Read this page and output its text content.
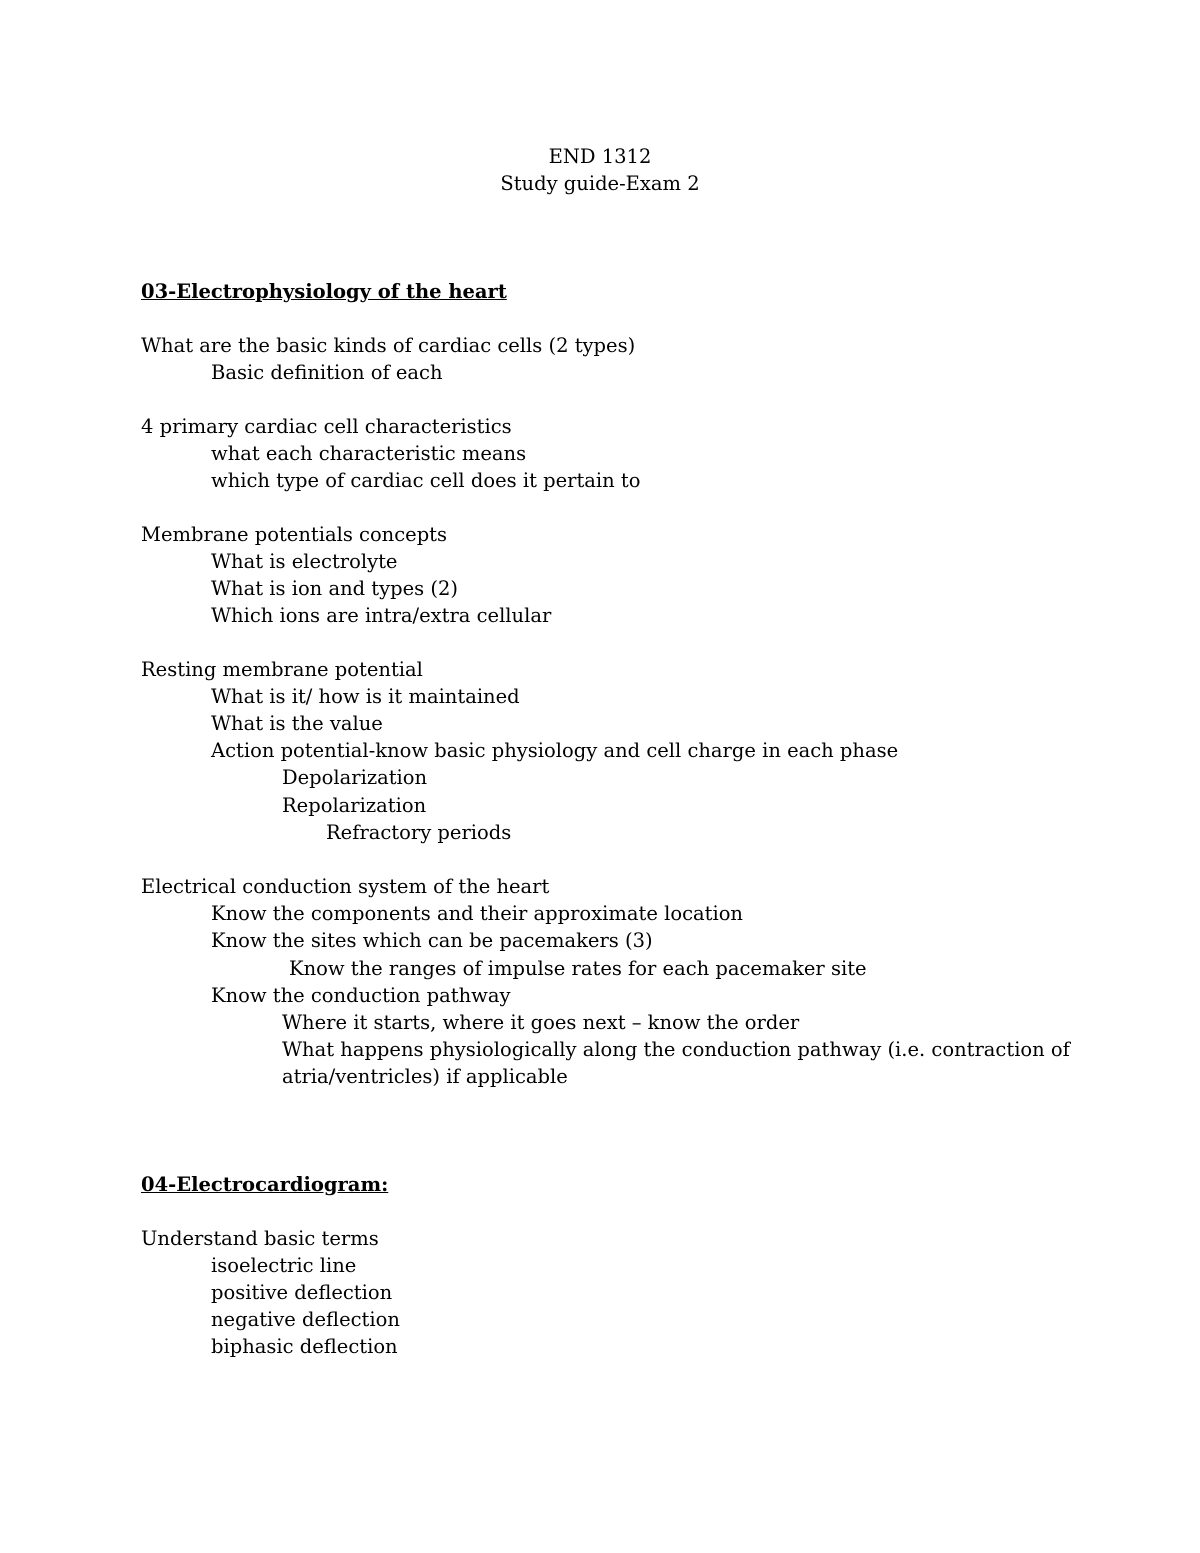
END 1312

Study guide-Exam 2

03-Electrophysiology of the heart

What are the basic kinds of cardiac cells (2 types)

Basic definition of each

4 primary cardiac cell characteristics

what each characteristic means

which type of cardiac cell does it pertain to

Membrane potentials concepts

What is electrolyte

What is ion and types (2)

Which ions are intra/extra cellular

Resting membrane potential

What is it/ how is it maintained

What is the value

Action potential-know basic physiology and cell charge in each phase

Depolarization

Repolarization

Refractory periods

Electrical conduction system of the heart

Know the components and their approximate location

Know the sites which can be pacemakers (3)

Know the ranges of impulse rates for each pacemaker site

Know the conduction pathway

Where it starts, where it goes next – know the order

What happens physiologically along the conduction pathway (i.e. contraction of

atria/ventricles) if applicable

04-Electrocardiogram:

Understand basic terms

isoelectric line

positive deflection

negative deflection

biphasic deflection
